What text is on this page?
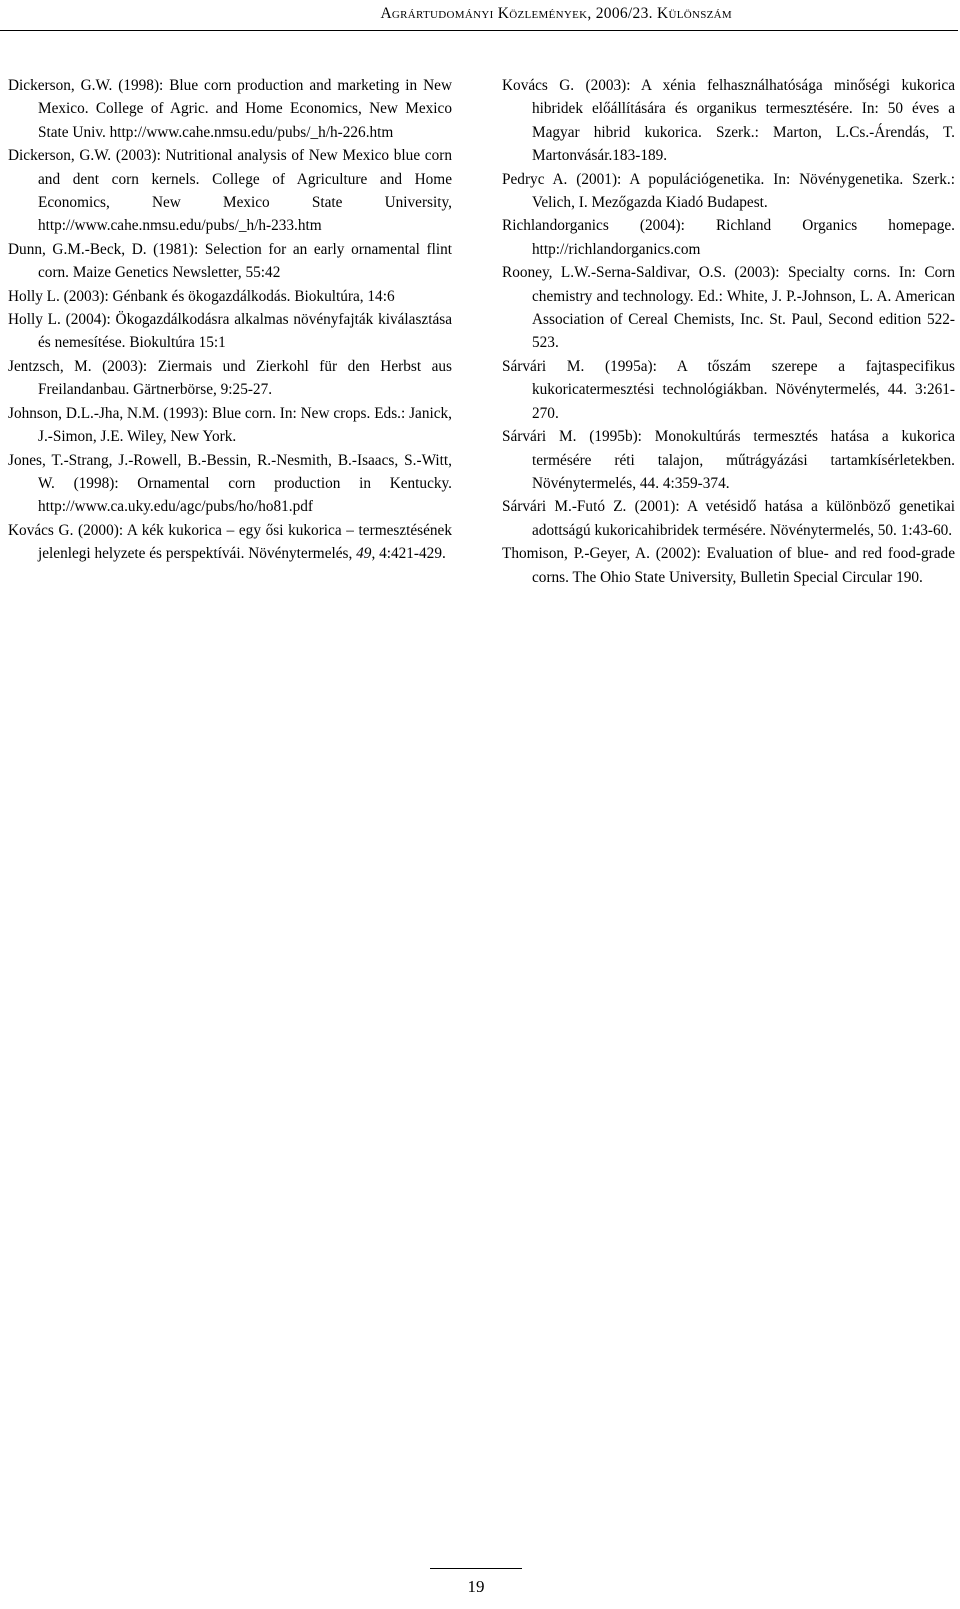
Agrártudományi Közlemények, 2006/23. Különszám

Dickerson, G.W. (1998): Blue corn production and marketing in New Mexico. College of Agric. and Home Economics, New Mexico State Univ. http://www.cahe.nmsu.edu/pubs/_h/h-226.htm

Dickerson, G.W. (2003): Nutritional analysis of New Mexico blue corn and dent corn kernels. College of Agriculture and Home Economics, New Mexico State University, http://www.cahe.nmsu.edu/pubs/_h/h-233.htm

Dunn, G.M.-Beck, D. (1981): Selection for an early ornamental flint corn. Maize Genetics Newsletter, 55:42

Holly L. (2003): Génbank és ökogazdálkodás. Biokultúra, 14:6

Holly L. (2004): Ökogazdálkodásra alkalmas növényfajták kiválasztása és nemesítése. Biokultúra 15:1

Jentzsch, M. (2003): Ziermais und Zierkohl für den Herbst aus Freilandanbau. Gärtnerbörse, 9:25-27.

Johnson, D.L.-Jha, N.M. (1993): Blue corn. In: New crops. Eds.: Janick, J.-Simon, J.E. Wiley, New York.

Jones, T.-Strang, J.-Rowell, B.-Bessin, R.-Nesmith, B.-Isaacs, S.-Witt, W. (1998): Ornamental corn production in Kentucky. http://www.ca.uky.edu/agc/pubs/ho/ho81.pdf

Kovács G. (2000): A kék kukorica – egy ősi kukorica – termesztésének jelenlegi helyzete és perspektívái. Növénytermelés, 49, 4:421-429.

Kovács G. (2003): A xénia felhasználhatósága minőségi kukorica hibridek előállítására és organikus termesztésére. In: 50 éves a Magyar hibrid kukorica. Szerk.: Marton, L.Cs.-Árendás, T. Martonvásár.183-189.

Pedryc A. (2001): A populációgenetika. In: Növénygenetika. Szerk.: Velich, I. Mezőgazda Kiadó Budapest.

Richlandorganics (2004): Richland Organics homepage. http://richlandorganics.com

Rooney, L.W.-Serna-Saldivar, O.S. (2003): Specialty corns. In: Corn chemistry and technology. Ed.: White, J. P.-Johnson, L. A. American Association of Cereal Chemists, Inc. St. Paul, Second edition 522-523.

Sárvári M. (1995a): A tőszám szerepe a fajtaspecifikus kukoricatermesztési technológiákban. Növénytermelés, 44. 3:261-270.

Sárvári M. (1995b): Monokultúrás termesztés hatása a kukorica termésére réti talajon, műtrágyázási tartamkísérletekben. Növénytermelés, 44. 4:359-374.

Sárvári M.-Futó Z. (2001): A vetésidő hatása a különböző genetikai adottságú kukoricahibridek termésére. Növénytermelés, 50. 1:43-60.

Thomison, P.-Geyer, A. (2002): Evaluation of blue- and red food-grade corns. The Ohio State University, Bulletin Special Circular 190.

19
